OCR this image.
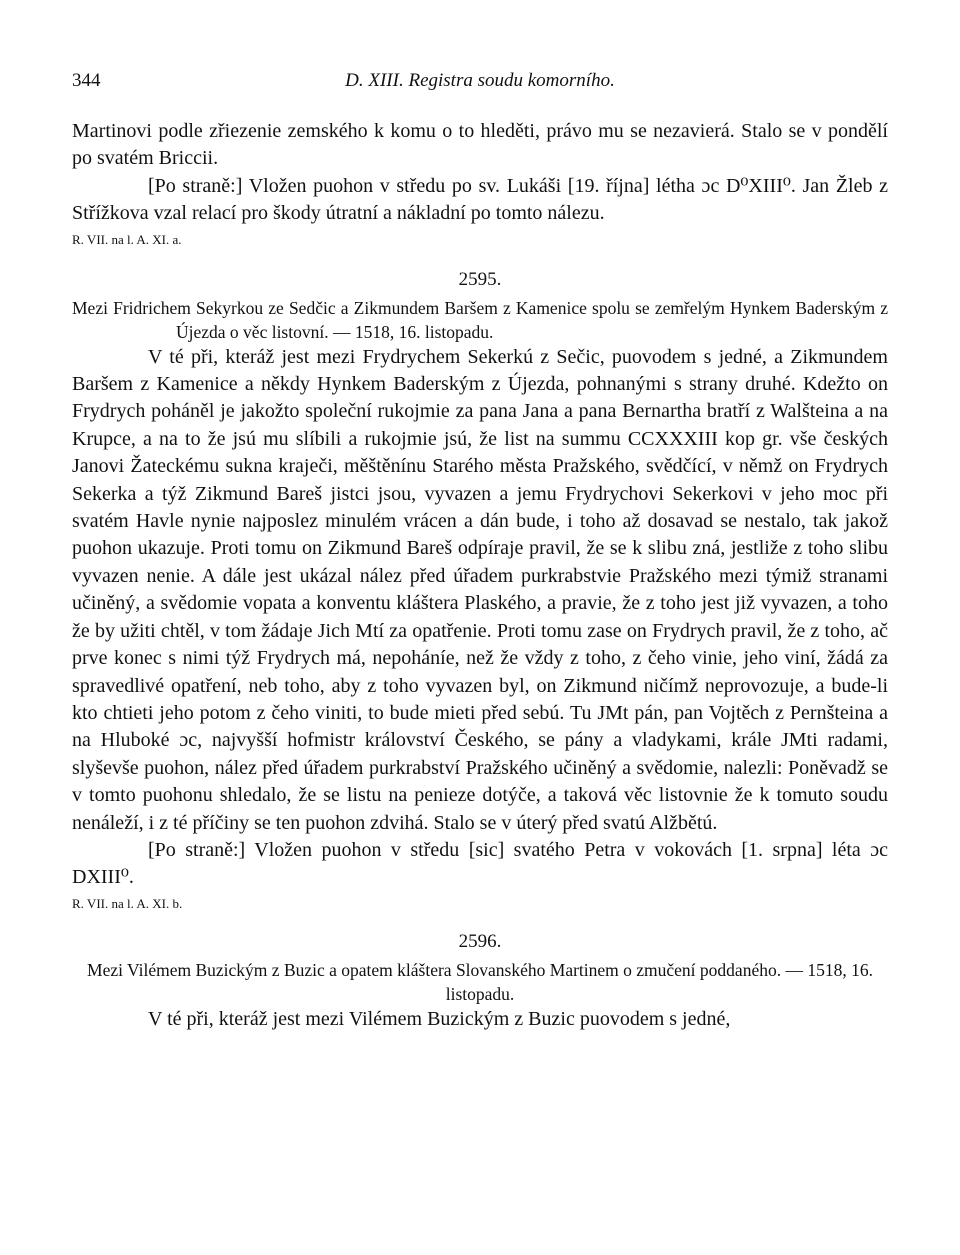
344	D. XIII. Registra soudu komorního.

Martinovi podle zřiezenie zemského k komu o to hleděti, právo mu se nezavierá. Stalo se v pondělí po svatém Briccii.

[Po straně:] Vložen puohon v středu po sv. Lukáši [19. října] létha ɔc D⁰XIII⁰. Jan Žleb z Střížkova vzal relací pro škody útratní a nákladní po tomto nálezu.

R. VII. na l. A. XI. a.

2595.

Mezi Fridrichem Sekyrkou ze Sedčic a Zikmundem Baršem z Kamenice spolu se zemřelým Hynkem Baderským z Újezda o věc listovní. — 1518, 16. listopadu.

V té při, kteráž jest mezi Frydrychem Sekerkú z Sečic, puovodem s jedné, a Zikmundem Baršem z Kamenice a někdy Hynkem Baderským z Újezda, pohnanými s strany druhé. Kdežto on Frydrych poháněl je jakožto společní rukojmie za pana Jana a pana Bernartha bratří z Walšteina a na Krupce, a na to že jsú mu slíbili a rukojmie jsú, že list na summu CCXXXIII kop gr. vše českých Janovi Žateckému sukna kraječi, měštěnínu Starého města Pražského, svědčící, v němž on Frydrych Sekerka a týž Zikmund Bareš jistci jsou, vyvazen a jemu Frydrychovi Sekerkovi v jeho moc při svatém Havle nynie najposlez minulém vrácen a dán bude, i toho až dosavad se nestalo, tak jakož puohon ukazuje. Proti tomu on Zikmund Bareš odpíraje pravil, že se k slibu zná, jestliže z toho slibu vyvazen nenie. A dále jest ukázal nález před úřadem purkrabstvie Pražského mezi týmiž stranami učiněný, a svědomie vopata a konventu kláštera Plaského, a pravie, že z toho jest již vyvazen, a toho že by užiti chtěl, v tom žádaje Jich Mtí za opatřenie. Proti tomu zase on Frydrych pravil, že z toho, ač prve konec s nimi týž Frydrych má, nepoháníe, než že vždy z toho, z čeho vinie, jeho viní, žádá za spravedlivé opatření, neb toho, aby z toho vyvazen byl, on Zikmund ničímž neprovozuje, a bude-li kto chtieti jeho potom z čeho viniti, to bude mieti před sebú. Tu JMt pán, pan Vojtěch z Pernšteina a na Hluboké ɔc, najvyšší hofmistr království Českého, se pány a vladykami, krále JMti radami, slyševše puohon, nález před úřadem purkrabství Pražského učiněný a svědomie, nalezli: Poněvadž se v tomto puohonu shledalo, že se listu na penieze dotýče, a taková věc listovnie že k tomuto soudu nenáleží, i z té příčiny se ten puohon zdvihá. Stalo se v úterý před svatú Alžbětú.

[Po straně:] Vložen puohon v středu [sic] svatého Petra v vokovách [1. srpna] léta ɔc DXIII⁰.

R. VII. na l. A. XI. b.

2596.

Mezi Vilémem Buzickým z Buzic a opatem kláštera Slovanského Martinem o zmučení poddaného. — 1518, 16. listopadu.

V té při, kteráž jest mezi Vilémem Buzickým z Buzic puovodem s jedné,
